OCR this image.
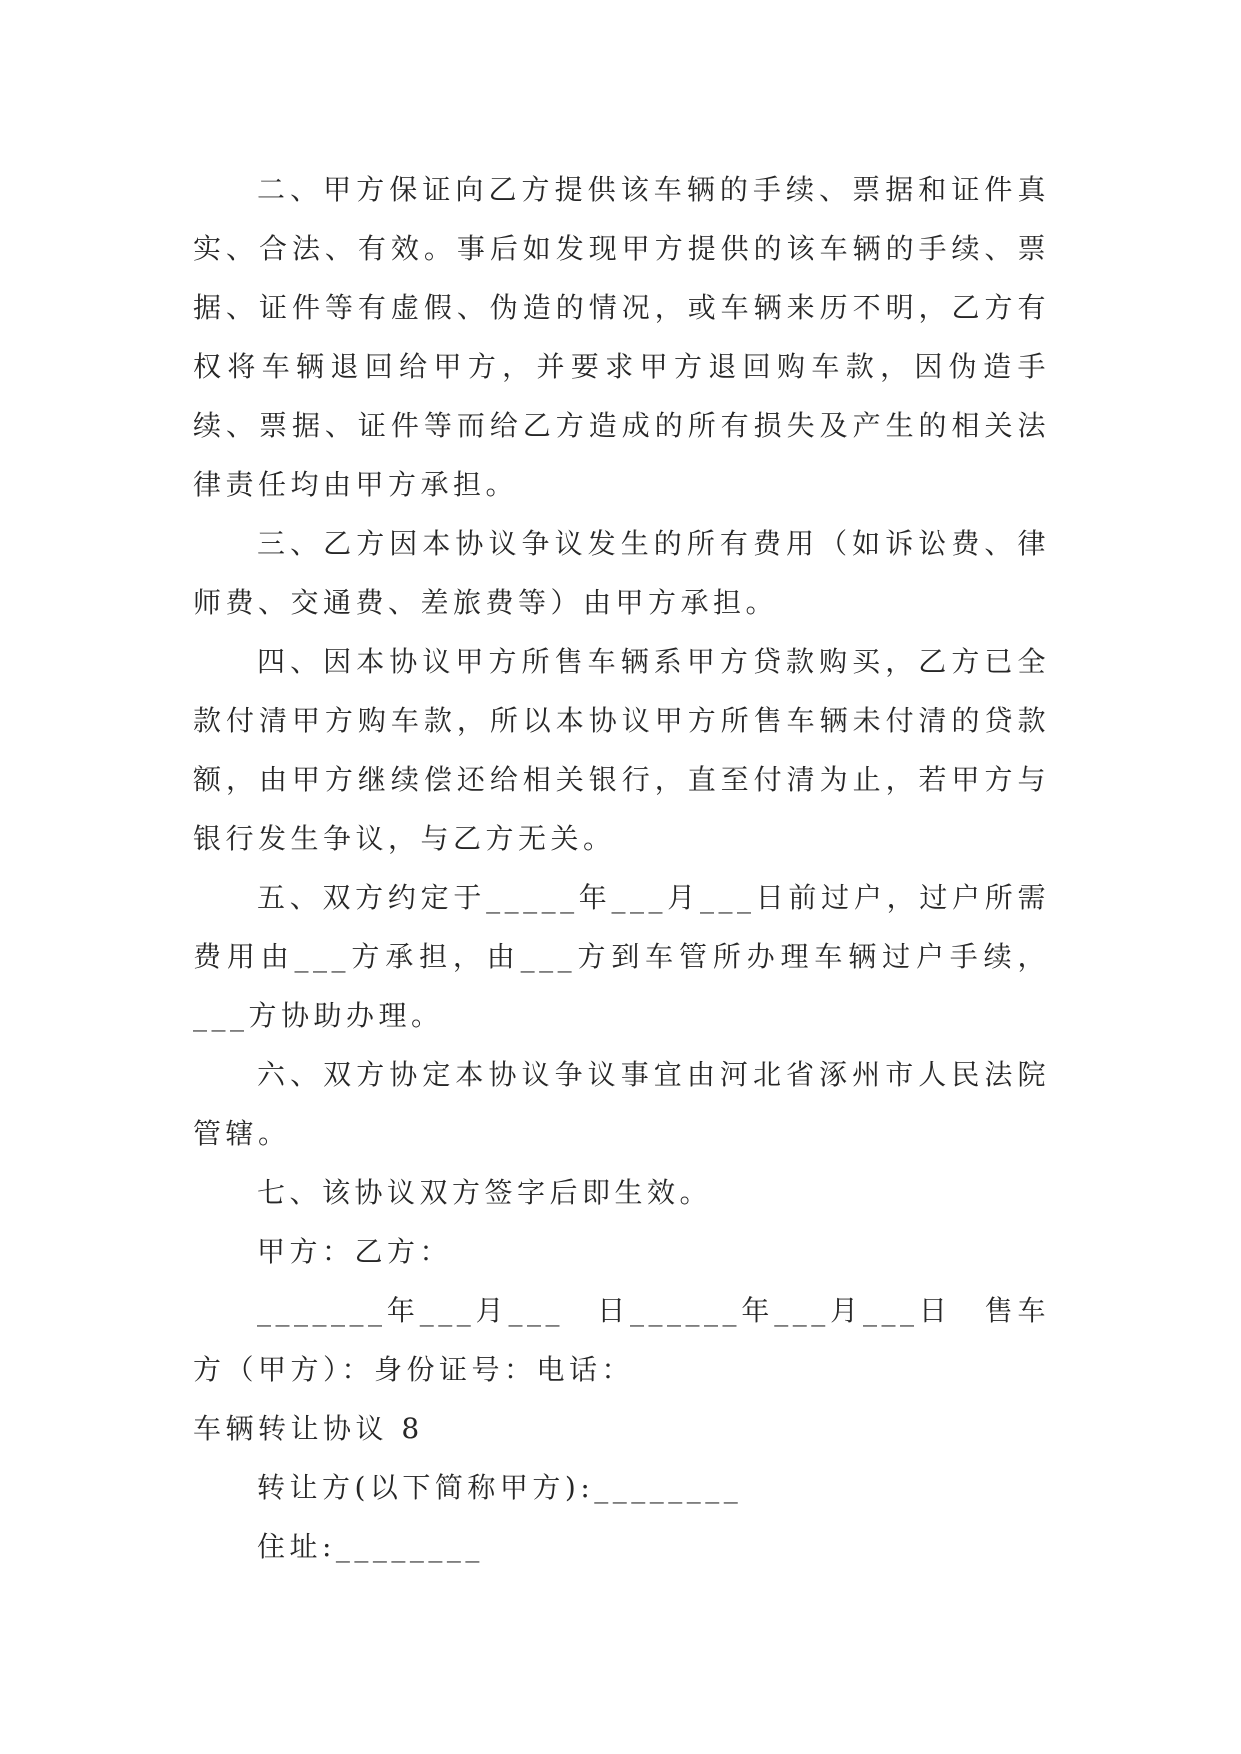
二、甲方保证向乙方提供该车辆的手续、票据和证件真实、合法、有效。事后如发现甲方提供的该车辆的手续、票据、证件等有虚假、伪造的情况，或车辆来历不明，乙方有权将车辆退回给甲方，并要求甲方退回购车款，因伪造手续、票据、证件等而给乙方造成的所有损失及产生的相关法律责任均由甲方承担。

三、乙方因本协议争议发生的所有费用（如诉讼费、律师费、交通费、差旅费等）由甲方承担。

四、因本协议甲方所售车辆系甲方贷款购买，乙方已全款付清甲方购车款，所以本协议甲方所售车辆未付清的贷款额，由甲方继续偿还给相关银行，直至付清为止，若甲方与银行发生争议，与乙方无关。

五、双方约定于_____年___月___日前过户，过户所需费用由___方承担，由___方到车管所办理车辆过户手续，___方协助办理。

六、双方协定本协议争议事宜由河北省涿州市人民法院管辖。

七、该协议双方签字后即生效。

甲方：乙方：

_______年___月___　日______年___月___日　售车方（甲方）：身份证号：电话：

车辆转让协议 8

转让方(以下简称甲方):________

住址:________
